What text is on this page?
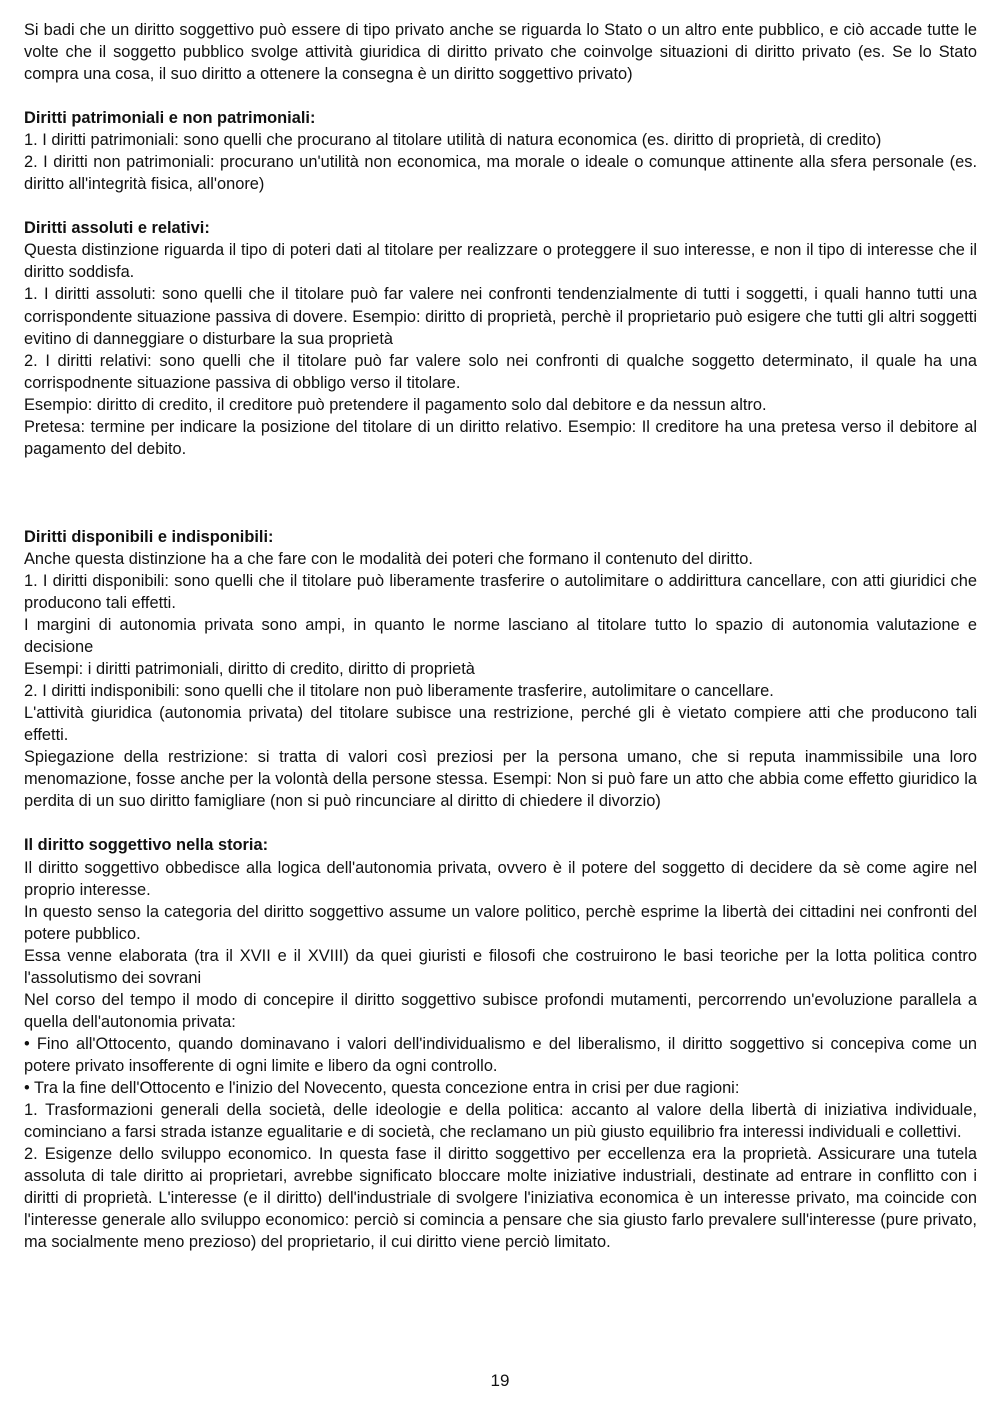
Si badi che un diritto soggettivo può essere di tipo privato anche se riguarda lo Stato o un altro ente pubblico, e ciò accade tutte le volte che il soggetto pubblico svolge attività giuridica di diritto privato che coinvolge situazioni di diritto privato (es. Se lo Stato compra una cosa, il suo diritto a ottenere la consegna è un diritto soggettivo privato)

Diritti patrimoniali e non patrimoniali:

1. I diritti patrimoniali: sono quelli che procurano al titolare utilità di natura economica (es. diritto di proprietà, di credito)

2. I diritti non patrimoniali: procurano un'utilità non economica, ma morale o ideale o comunque attinente alla sfera personale (es. diritto all'integrità fisica, all'onore)

Diritti assoluti e relativi:

Questa distinzione riguarda il tipo di poteri dati al titolare per realizzare o proteggere il suo interesse, e non il tipo di interesse che il diritto soddisfa.

1. I diritti assoluti: sono quelli che il titolare può far valere nei confronti tendenzialmente di tutti i soggetti, i quali hanno tutti una corrispondente situazione passiva di dovere. Esempio: diritto di proprietà, perchè il proprietario può esigere che tutti gli altri soggetti evitino di danneggiare o disturbare la sua proprietà

2. I diritti relativi: sono quelli che il titolare può far valere solo nei confronti di qualche soggetto determinato, il quale ha una corrispodnente situazione passiva di obbligo verso il titolare.

Esempio: diritto di credito, il creditore può pretendere il pagamento solo dal debitore e da nessun altro.

Pretesa: termine per indicare la posizione del titolare di un diritto relativo. Esempio: Il creditore ha una pretesa verso il debitore al pagamento del debito.

Diritti disponibili e indisponibili:

Anche questa distinzione ha a che fare con le modalità dei poteri che formano il contenuto del diritto.

1. I diritti disponibili: sono quelli che il titolare può liberamente trasferire o autolimitare o addirittura cancellare, con atti giuridici che producono tali effetti.

I margini di autonomia privata sono ampi, in quanto le norme lasciano al titolare tutto lo spazio di autonomia valutazione e decisione

Esempi: i diritti patrimoniali, diritto di credito, diritto di proprietà

2. I diritti indisponibili: sono quelli che il titolare non può liberamente trasferire, autolimitare o cancellare.

L'attività giuridica (autonomia privata) del titolare subisce una restrizione, perché gli è vietato compiere atti che producono tali effetti.

Spiegazione della restrizione: si tratta di valori così preziosi per la persona umano, che si reputa inammissibile una loro menomazione, fosse anche per la volontà della persone stessa. Esempi: Non si può fare un atto che abbia come effetto giuridico la perdita di un suo diritto famigliare (non si può rincunciare al diritto di chiedere il divorzio)

Il diritto soggettivo nella storia:

Il diritto soggettivo obbedisce alla logica dell'autonomia privata, ovvero è il potere del soggetto di decidere da sè come agire nel proprio interesse.

In questo senso la categoria del diritto soggettivo assume un valore politico, perchè esprime la libertà dei cittadini nei confronti del potere pubblico.

Essa venne elaborata (tra il XVII e il XVIII) da quei giuristi e filosofi che costruirono le basi teoriche per la lotta politica contro l'assolutismo dei sovrani

Nel corso del tempo il modo di concepire il diritto soggettivo subisce profondi mutamenti, percorrendo un'evoluzione parallela a quella dell'autonomia privata:

• Fino all'Ottocento, quando dominavano i valori dell'individualismo e del liberalismo, il diritto soggettivo si concepiva come un potere privato insofferente di ogni limite e libero da ogni controllo.

• Tra la fine dell'Ottocento e l'inizio del Novecento, questa concezione entra in crisi per due ragioni:

1. Trasformazioni generali della società, delle ideologie e della politica: accanto al valore della libertà di iniziativa individuale, cominciano a farsi strada istanze egualitarie e di società, che reclamano un più giusto equilibrio fra interessi individuali e collettivi.

2. Esigenze dello sviluppo economico. In questa fase il diritto soggettivo per eccellenza era la proprietà. Assicurare una tutela assoluta di tale diritto ai proprietari, avrebbe significato bloccare molte iniziative industriali, destinate ad entrare in conflitto con i diritti di proprietà. L'interesse (e il diritto) dell'industriale di svolgere l'iniziativa economica è un interesse privato, ma coincide con l'interesse generale allo sviluppo economico: perciò si comincia a pensare che sia giusto farlo prevalere sull'interesse (pure privato, ma socialmente meno prezioso) del proprietario, il cui diritto viene perciò limitato.

19
